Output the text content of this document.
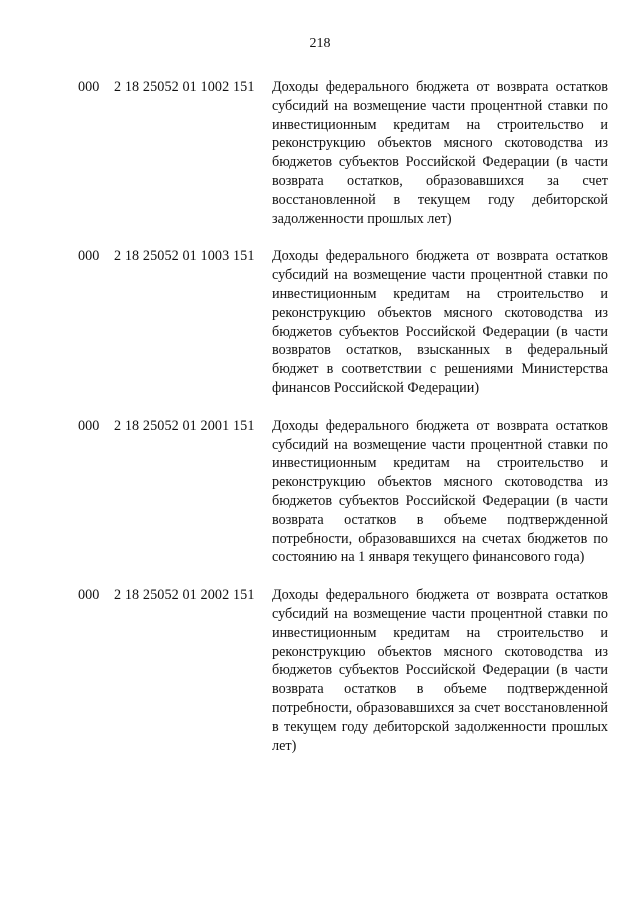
218
000	2 18 25052 01 1002 151	Доходы федерального бюджета от возврата остатков субсидий на возмещение части процентной ставки по инвестиционным кредитам на строительство и реконструкцию объектов мясного скотоводства из бюджетов субъектов Российской Федерации (в части возврата остатков, образовавшихся за счет восстановленной в текущем году дебиторской задолженности прошлых лет)
000	2 18 25052 01 1003 151	Доходы федерального бюджета от возврата остатков субсидий на возмещение части процентной ставки по инвестиционным кредитам на строительство и реконструкцию объектов мясного скотоводства из бюджетов субъектов Российской Федерации (в части возвратов остатков, взысканных в федеральный бюджет в соответствии с решениями Министерства финансов Российской Федерации)
000	2 18 25052 01 2001 151	Доходы федерального бюджета от возврата остатков субсидий на возмещение части процентной ставки по инвестиционным кредитам на строительство и реконструкцию объектов мясного скотоводства из бюджетов субъектов Российской Федерации (в части возврата остатков в объеме подтвержденной потребности, образовавшихся на счетах бюджетов по состоянию на 1 января текущего финансового года)
000	2 18 25052 01 2002 151	Доходы федерального бюджета от возврата остатков субсидий на возмещение части процентной ставки по инвестиционным кредитам на строительство и реконструкцию объектов мясного скотоводства из бюджетов субъектов Российской Федерации (в части возврата остатков в объеме подтвержденной потребности, образовавшихся за счет восстановленной в текущем году дебиторской задолженности прошлых лет)
